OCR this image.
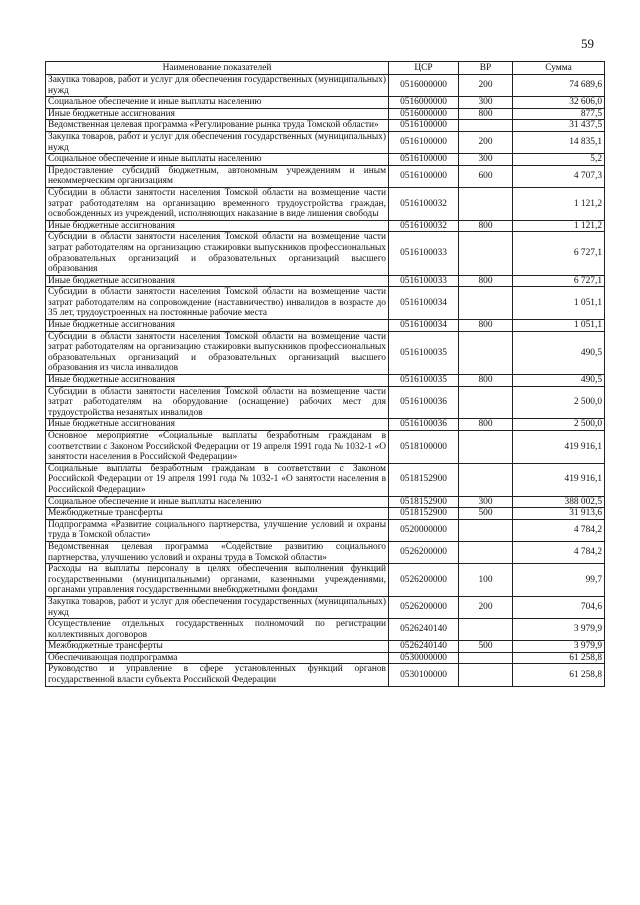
59
Наименование показателей	ЦСР	ВР	Сумма
Закупка товаров, работ и услуг для обеспечения государственных (муниципальных) нужд	0516000000	200	74 689,6
Социальное обеспечение и иные выплаты населению	0516000000	300	32 606,0
Иные бюджетные ассигнования	0516000000	800	877,5
Ведомственная целевая программа «Регулирование рынка труда Томской области»	0516100000		31 437,5
Закупка товаров, работ и услуг для обеспечения государственных (муниципальных) нужд	0516100000	200	14 835,1
Социальное обеспечение и иные выплаты населению	0516100000	300	5,2
Предоставление субсидий бюджетным, автономным учреждениям и иным некоммерческим организациям	0516100000	600	4 707,3
Субсидии в области занятости населения Томской области на возмещение части затрат работодателям на организацию временного трудоустройства граждан, освобожденных из учреждений, исполняющих наказание в виде лишения свободы	0516100032		1 121,2
Иные бюджетные ассигнования	0516100032	800	1 121,2
Субсидии в области занятости населения Томской области на возмещение части затрат работодателям на организацию стажировки выпускников профессиональных образовательных организаций и образовательных организаций высшего образования	0516100033		6 727,1
Иные бюджетные ассигнования	0516100033	800	6 727,1
Субсидии в области занятости населения Томской области на возмещение части затрат работодателям на сопровождение (наставничество) инвалидов в возрасте до 35 лет, трудоустроенных на постоянные рабочие места	0516100034		1 051,1
Иные бюджетные ассигнования	0516100034	800	1 051,1
Субсидии в области занятости населения Томской области на возмещение части затрат работодателям на организацию стажировки выпускников профессиональных образовательных организаций и образовательных организаций высшего образования из числа инвалидов	0516100035		490,5
Иные бюджетные ассигнования	0516100035	800	490,5
Субсидии в области занятости населения Томской области на возмещение части затрат работодателям на оборудование (оснащение) рабочих мест для трудоустройства незанятых инвалидов	0516100036		2 500,0
Иные бюджетные ассигнования	0516100036	800	2 500,0
Основное мероприятие «Социальные выплаты безработным гражданам в соответствии с Законом Российской Федерации от 19 апреля 1991 года № 1032-1 «О занятости населения в Российской Федерации»	0518100000		419 916,1
Социальные выплаты безработным гражданам в соответствии с Законом Российской Федерации от 19 апреля 1991 года № 1032-1 «О занятости населения в Российской Федерации»	0518152900		419 916,1
Социальное обеспечение и иные выплаты населению	0518152900	300	388 002,5
Межбюджетные трансферты	0518152900	500	31 913,6
Подпрограмма «Развитие социального партнерства, улучшение условий и охраны труда в Томской области»	0520000000		4 784,2
Ведомственная целевая программа «Содействие развитию социального партнерства, улучшению условий и охраны труда в Томской области»	0526200000		4 784,2
Расходы на выплаты персоналу в целях обеспечения выполнения функций государственными (муниципальными) органами, казенными учреждениями, органами управления государственными внебюджетными фондами	0526200000	100	99,7
Закупка товаров, работ и услуг для обеспечения государственных (муниципальных) нужд	0526200000	200	704,6
Осуществление отдельных государственных полномочий по регистрации коллективных договоров	0526240140		3 979,9
Межбюджетные трансферты	0526240140	500	3 979,9
Обеспечивающая подпрограмма	0530000000		61 258,8
Руководство и управление в сфере установленных функций органов государственной власти субъекта Российской Федерации	0530100000		61 258,8
